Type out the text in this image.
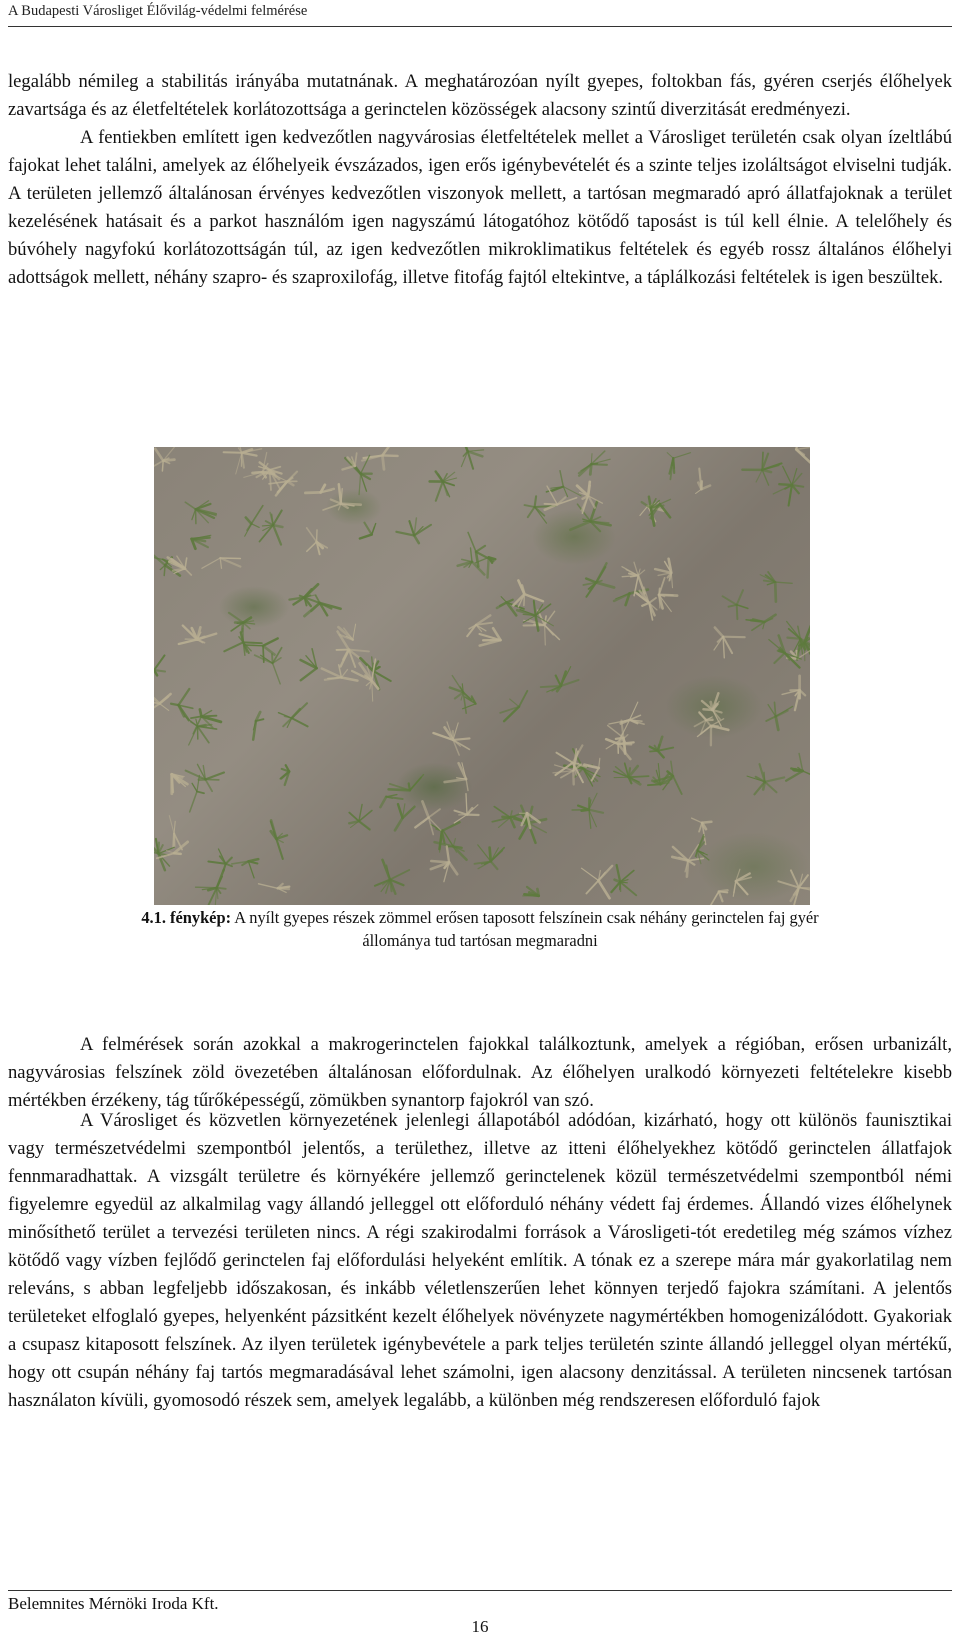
A Budapesti Városliget Élővilág-védelmi felmérése

legalább némileg a stabilitás irányába mutatnának. A meghatározóan nyílt gyepes, foltokban fás, gyéren cserjés élőhelyek zavartsága és az életfeltételek korlátozottsága a gerinctelen közösségek alacsony szintű diverzitását eredményezi.
A fentiekben említett igen kedvezőtlen nagyvárosias életfeltételek mellet a Városliget területén csak olyan ízeltlábú fajokat lehet találni, amelyek az élőhelyeik évszázados, igen erős igénybevételét és a szinte teljes izoláltságot elviselni tudják. A területen jellemző általánosan érvényes kedvezőtlen viszonyok mellett, a tartósan megmaradó apró állatfajoknak a terület kezelésének hatásait és a parkot használóm igen nagyszámú látogatóhoz kötődő taposást is túl kell élnie. A telelőhely és búvóhely nagyfokú korlátozottságán túl, az igen kedvezőtlen mikroklimatikus feltételek és egyéb rossz általános élőhelyi adottságok mellett, néhány szapro- és szaproxilofág, illetve fitofág fajtól eltekintve, a táplálkozási feltételek is igen beszültek.

4.1. fénykép: A nyílt gyepes részek zömmel erősen taposott felszínein csak néhány gerinctelen faj gyér
állománya tud tartósan megmaradni

A felmérések során azokkal a makrogerinctelen fajokkal találkoztunk, amelyek a régióban, erősen urbanizált, nagyvárosias felszínek zöld övezetében általánosan előfordulnak. Az élőhelyen uralkodó környezeti feltételekre kisebb mértékben érzékeny, tág tűrőképességű, zömükben synantorp fajokról van szó.

A Városliget és közvetlen környezetének jelenlegi állapotából adódóan, kizárható, hogy ott különös faunisztikai vagy természetvédelmi szempontból jelentős, a területhez, illetve az itteni élőhelyekhez kötődő gerinctelen állatfajok fennmaradhattak. A vizsgált területre és környékére jellemző gerinctelenek közül természetvédelmi szempontból némi figyelemre egyedül az alkalmilag vagy állandó jelleggel ott előforduló néhány védett faj érdemes. Állandó vizes élőhelynek minősíthető terület a tervezési területen nincs. A régi szakirodalmi források a Városligeti-tót eredetileg még számos vízhez kötődő vagy vízben fejlődő gerinctelen faj előfordulási helyeként említik. A tónak ez a szerepe mára már gyakorlatilag nem releváns, s abban legfeljebb időszakosan, és inkább véletlenszerűen lehet könnyen terjedő fajokra számítani. A jelentős területeket elfoglaló gyepes, helyenként pázsitként kezelt élőhelyek növényzete nagymértékben homogenizálódott. Gyakoriak a csupasz kitaposott felszínek. Az ilyen területek igénybevétele a park teljes területén szinte állandó jelleggel olyan mértékű, hogy ott csupán néhány faj tartós megmaradásával lehet számolni, igen alacsony denzitással. A területen nincsenek tartósan használaton kívüli, gyomosodó részek sem, amelyek legalább, a különben még rendszeresen előforduló fajok

Belemnites Mérnöki Iroda Kft.
16
